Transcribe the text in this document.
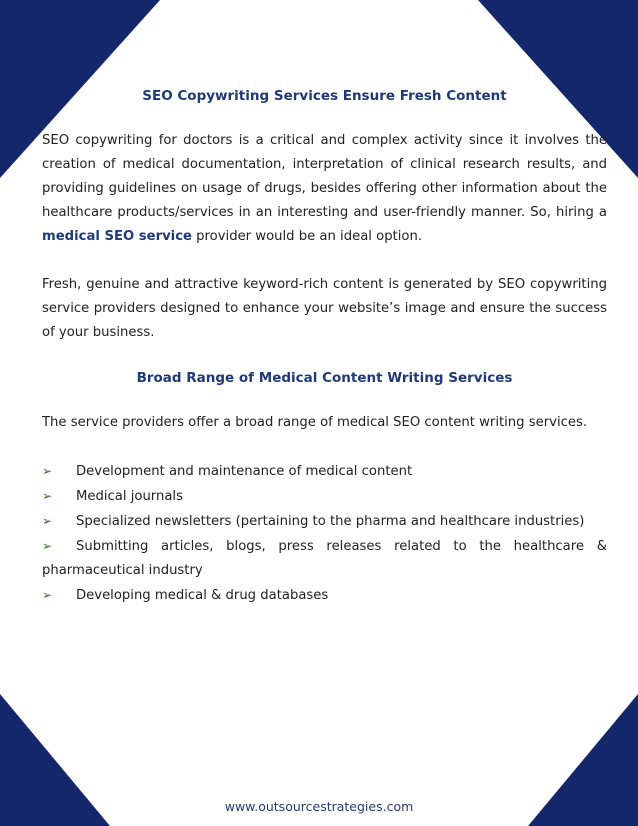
SEO Copywriting Services Ensure Fresh Content

SEO copywriting for doctors is a critical and complex activity since it involves the creation of medical documentation, interpretation of clinical research results, and providing guidelines on usage of drugs, besides offering other information about the healthcare products/services in an interesting and user-friendly manner. So, hiring a medical SEO service provider would be an ideal option.

Fresh, genuine and attractive keyword-rich content is generated by SEO copywriting service providers designed to enhance your website’s image and ensure the success of your business.

Broad Range of Medical Content Writing Services

The service providers offer a broad range of medical SEO content writing services.

➢ Development and maintenance of medical content
➢ Medical journals
➢ Specialized newsletters (pertaining to the pharma and healthcare industries)
➢ Submitting articles, blogs, press releases related to the healthcare & pharmaceutical industry
➢ Developing medical & drug databases
www.outsourcestrategies.com
